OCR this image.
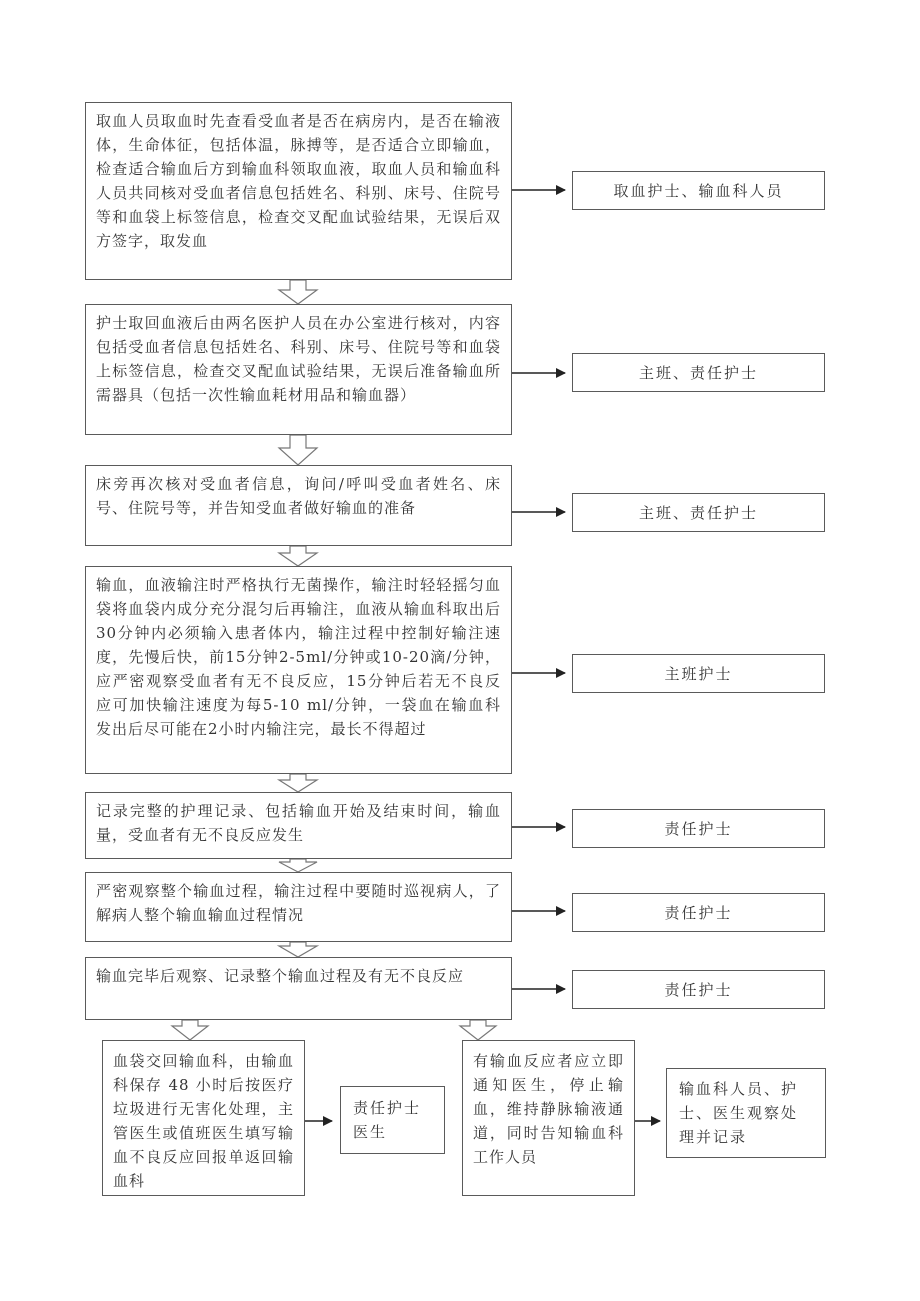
取血人员取血时先查看受血者是否在病房内，是否在输液体，生命体征，包括体温，脉搏等，是否适合立即输血，检查适合输血后方到输血科领取血液，取血人员和输血科人员共同核对受血者信息包括姓名、科别、床号、住院号等和血袋上标签信息，检查交叉配血试验结果，无误后双方签字，取发血
取血护士、输血科人员
护士取回血液后由两名医护人员在办公室进行核对，内容包括受血者信息包括姓名、科别、床号、住院号等和血袋上标签信息，检查交叉配血试验结果，无误后准备输血所需器具（包括一次性输血耗材用品和输血器）
主班、责任护士
床旁再次核对受血者信息，询问/呼叫受血者姓名、床号、住院号等，并告知受血者做好输血的准备	主班、责任护士
输血，血液输注时严格执行无菌操作，输注时轻轻摇匀血袋将血袋内成分充分混匀后再输注，血液从输血科取出后30分钟内必须输入患者体内，输注过程中控制好输注速度，先慢后快，前15分钟2-5ml/分钟或10-20滴/分钟，应严密观察受血者有无不良反应，15分钟后若无不良反应可加快输注速度为每5-10 ml/分钟，一袋血在输血科发出后尽可能在2小时内输注完，最长不得超过
主班护士
记录完整的护理记录、包括输血开始及结束时间，输血量，受血者有无不良反应发生	责任护士
严密观察整个输血过程，输注过程中要随时巡视病人，了解病人整个输血输血过程情况	责任护士
输血完毕后观察、记录整个输血过程及有无不良反应
责任护士
血袋交回输血科，由输血科保存 48 小时后按医疗垃圾进行无害化处理，主管医生或值班医生填写输血不良反应回报单返回输血科
责任护士
医生
有输血反应者应立即通知医生，停止输血，维持静脉输液通道，同时告知输血科工作人员
输血科人员、护士、医生观察处理并记录
